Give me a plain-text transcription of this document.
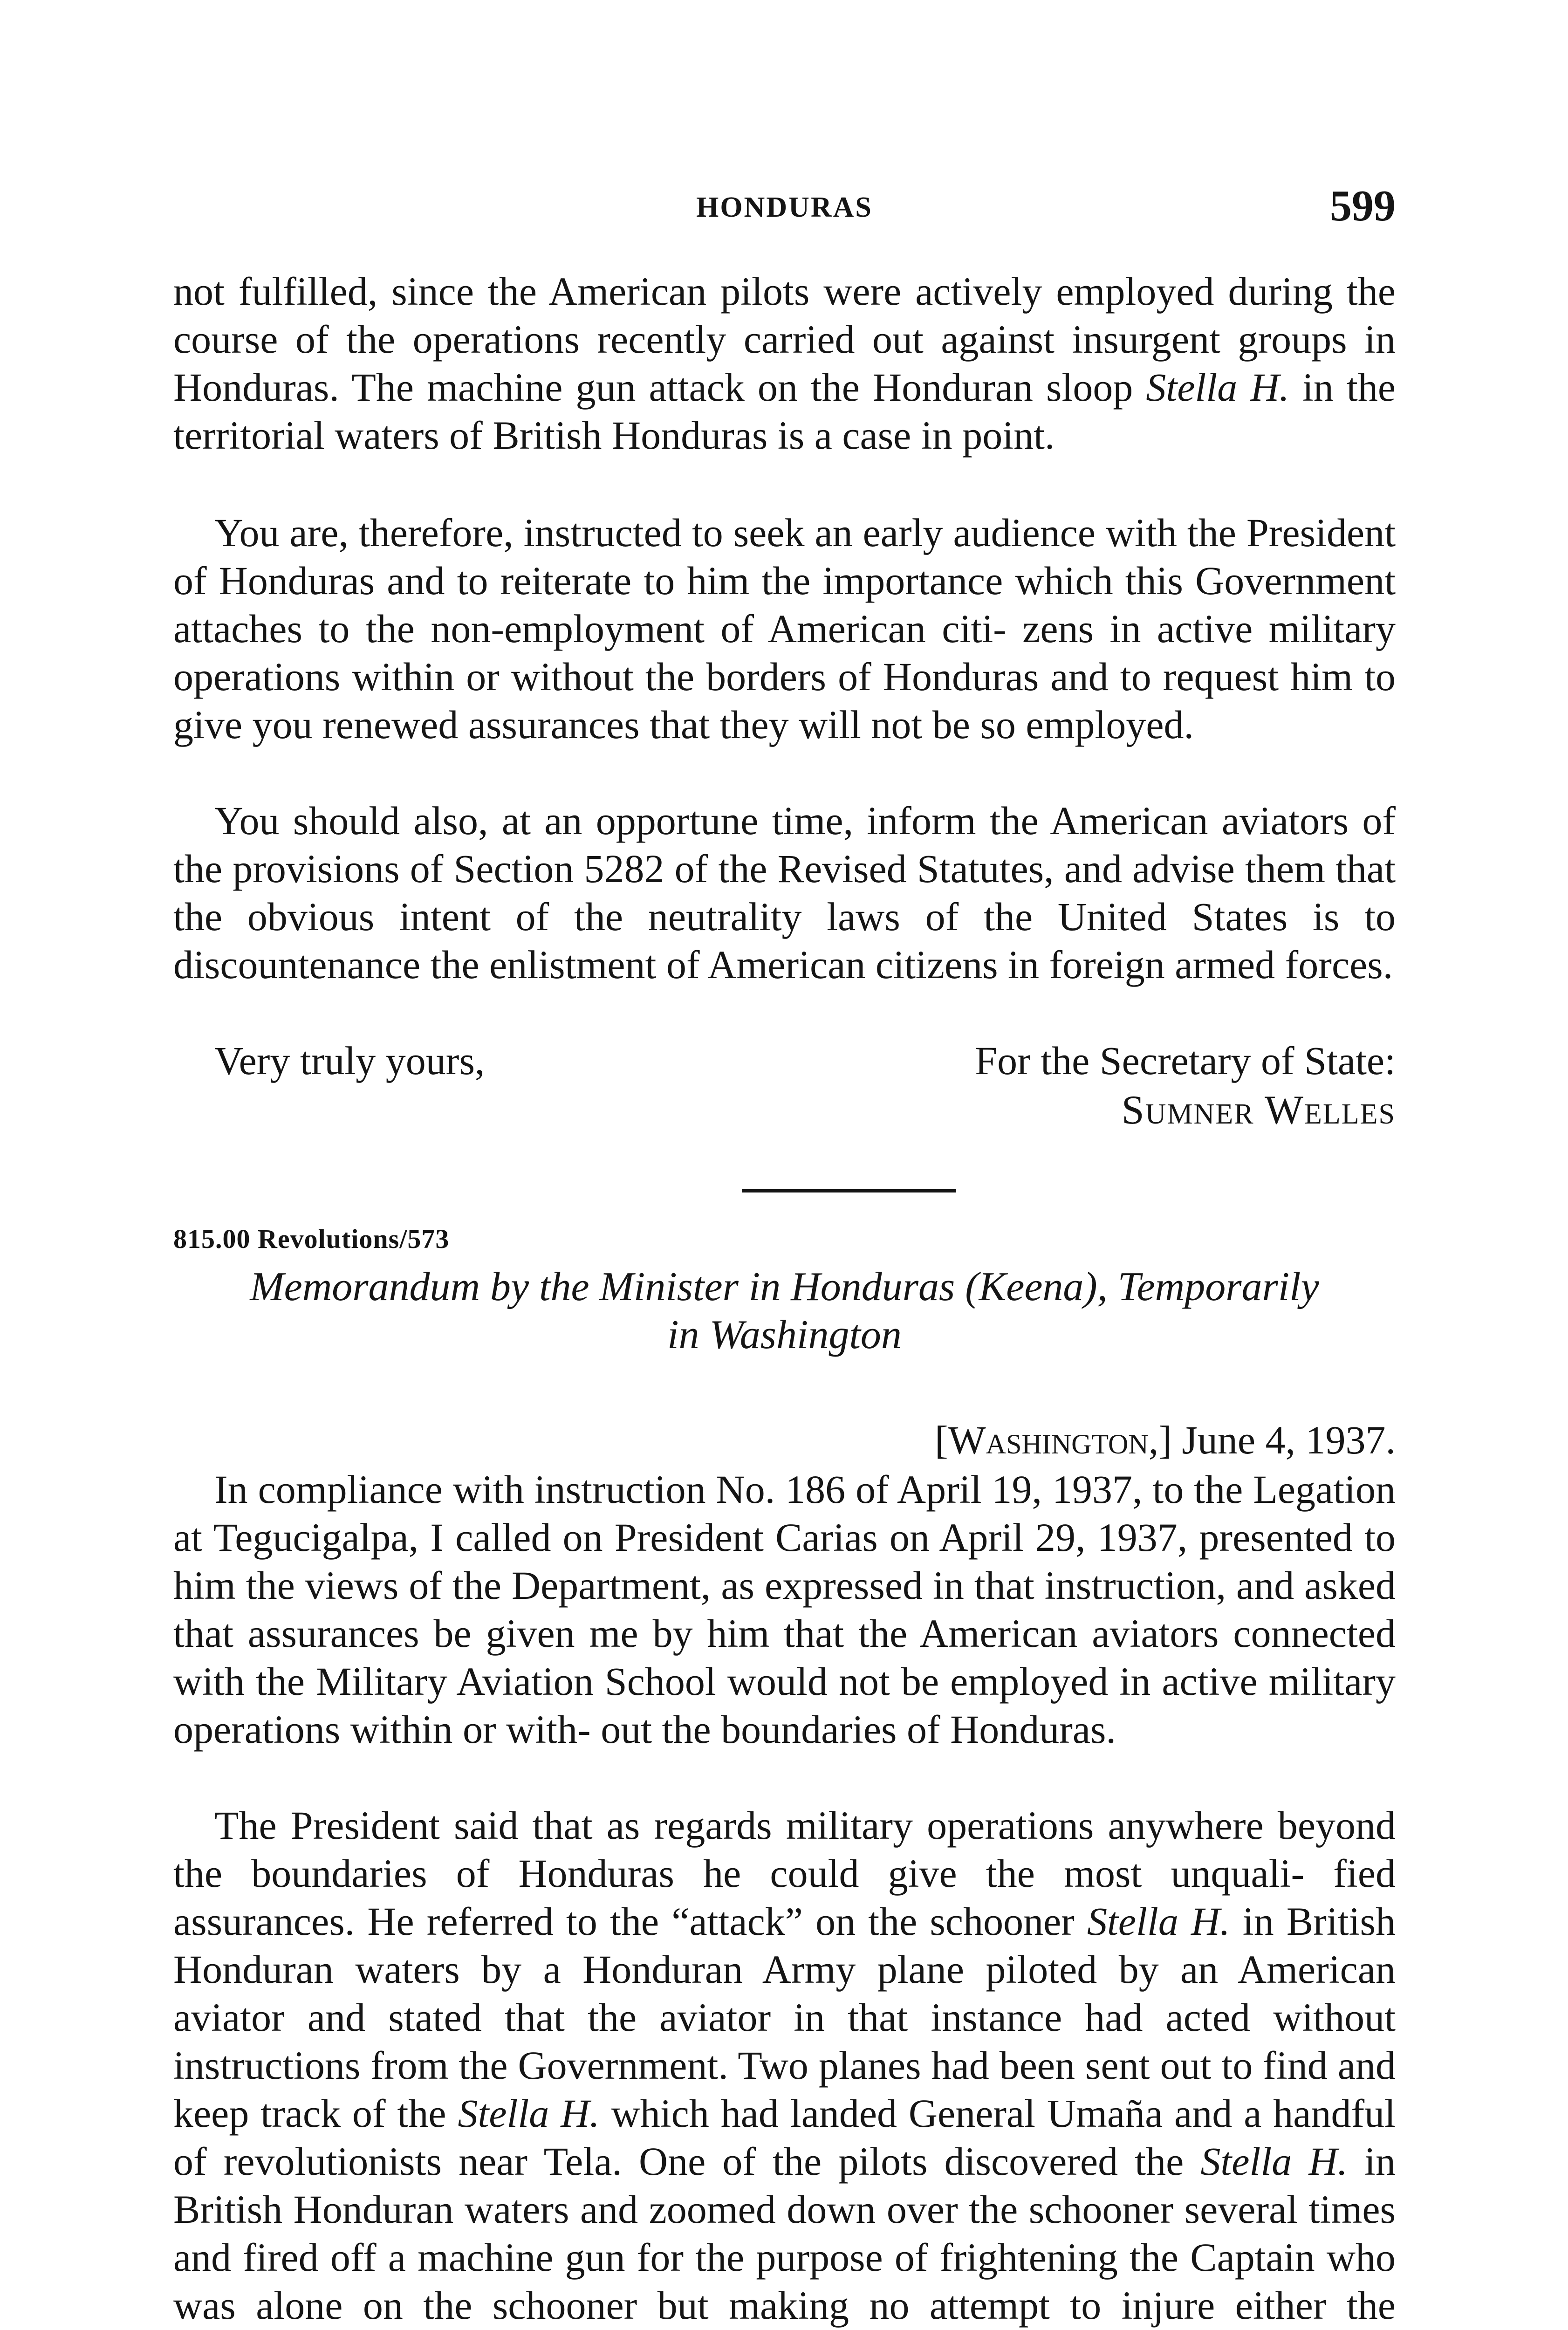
HONDURAS	599

not fulfilled, since the American pilots were actively employed during the course of the operations recently carried out against insurgent groups in Honduras. The machine gun attack on the Honduran sloop Stella H. in the territorial waters of British Honduras is a case in point.

You are, therefore, instructed to seek an early audience with the President of Honduras and to reiterate to him the importance which this Government attaches to the non-employment of American citi- zens in active military operations within or without the borders of Honduras and to request him to give you renewed assurances that they will not be so employed.

You should also, at an opportune time, inform the American aviators of the provisions of Section 5282 of the Revised Statutes, and advise them that the obvious intent of the neutrality laws of the United States is to discountenance the enlistment of American citizens in foreign armed forces.

Very truly yours,	For the Secretary of State:
Sumner Welles
815.00 Revolutions/573
Memorandum by the Minister in Honduras (Keena), Temporarily
in Washington
[Washington,] June 4, 1937.

In compliance with instruction No. 186 of April 19, 1937, to the Legation at Tegucigalpa, I called on President Carias on April 29, 1937, presented to him the views of the Department, as expressed in that instruction, and asked that assurances be given me by him that the American aviators connected with the Military Aviation School would not be employed in active military operations within or with- out the boundaries of Honduras.

The President said that as regards military operations anywhere beyond the boundaries of Honduras he could give the most unquali- fied assurances. He referred to the “attack” on the schooner Stella H. in British Honduran waters by a Honduran Army plane piloted by an American aviator and stated that the aviator in that instance had acted without instructions from the Government. Two planes had been sent out to find and keep track of the Stella H. which had landed General Umaña and a handful of revolutionists near Tela. One of the pilots discovered the Stella H. in British Honduran waters and zoomed down over the schooner several times and fired off a machine gun for the purpose of frightening the Captain who was alone on the schooner but making no attempt to injure either the
